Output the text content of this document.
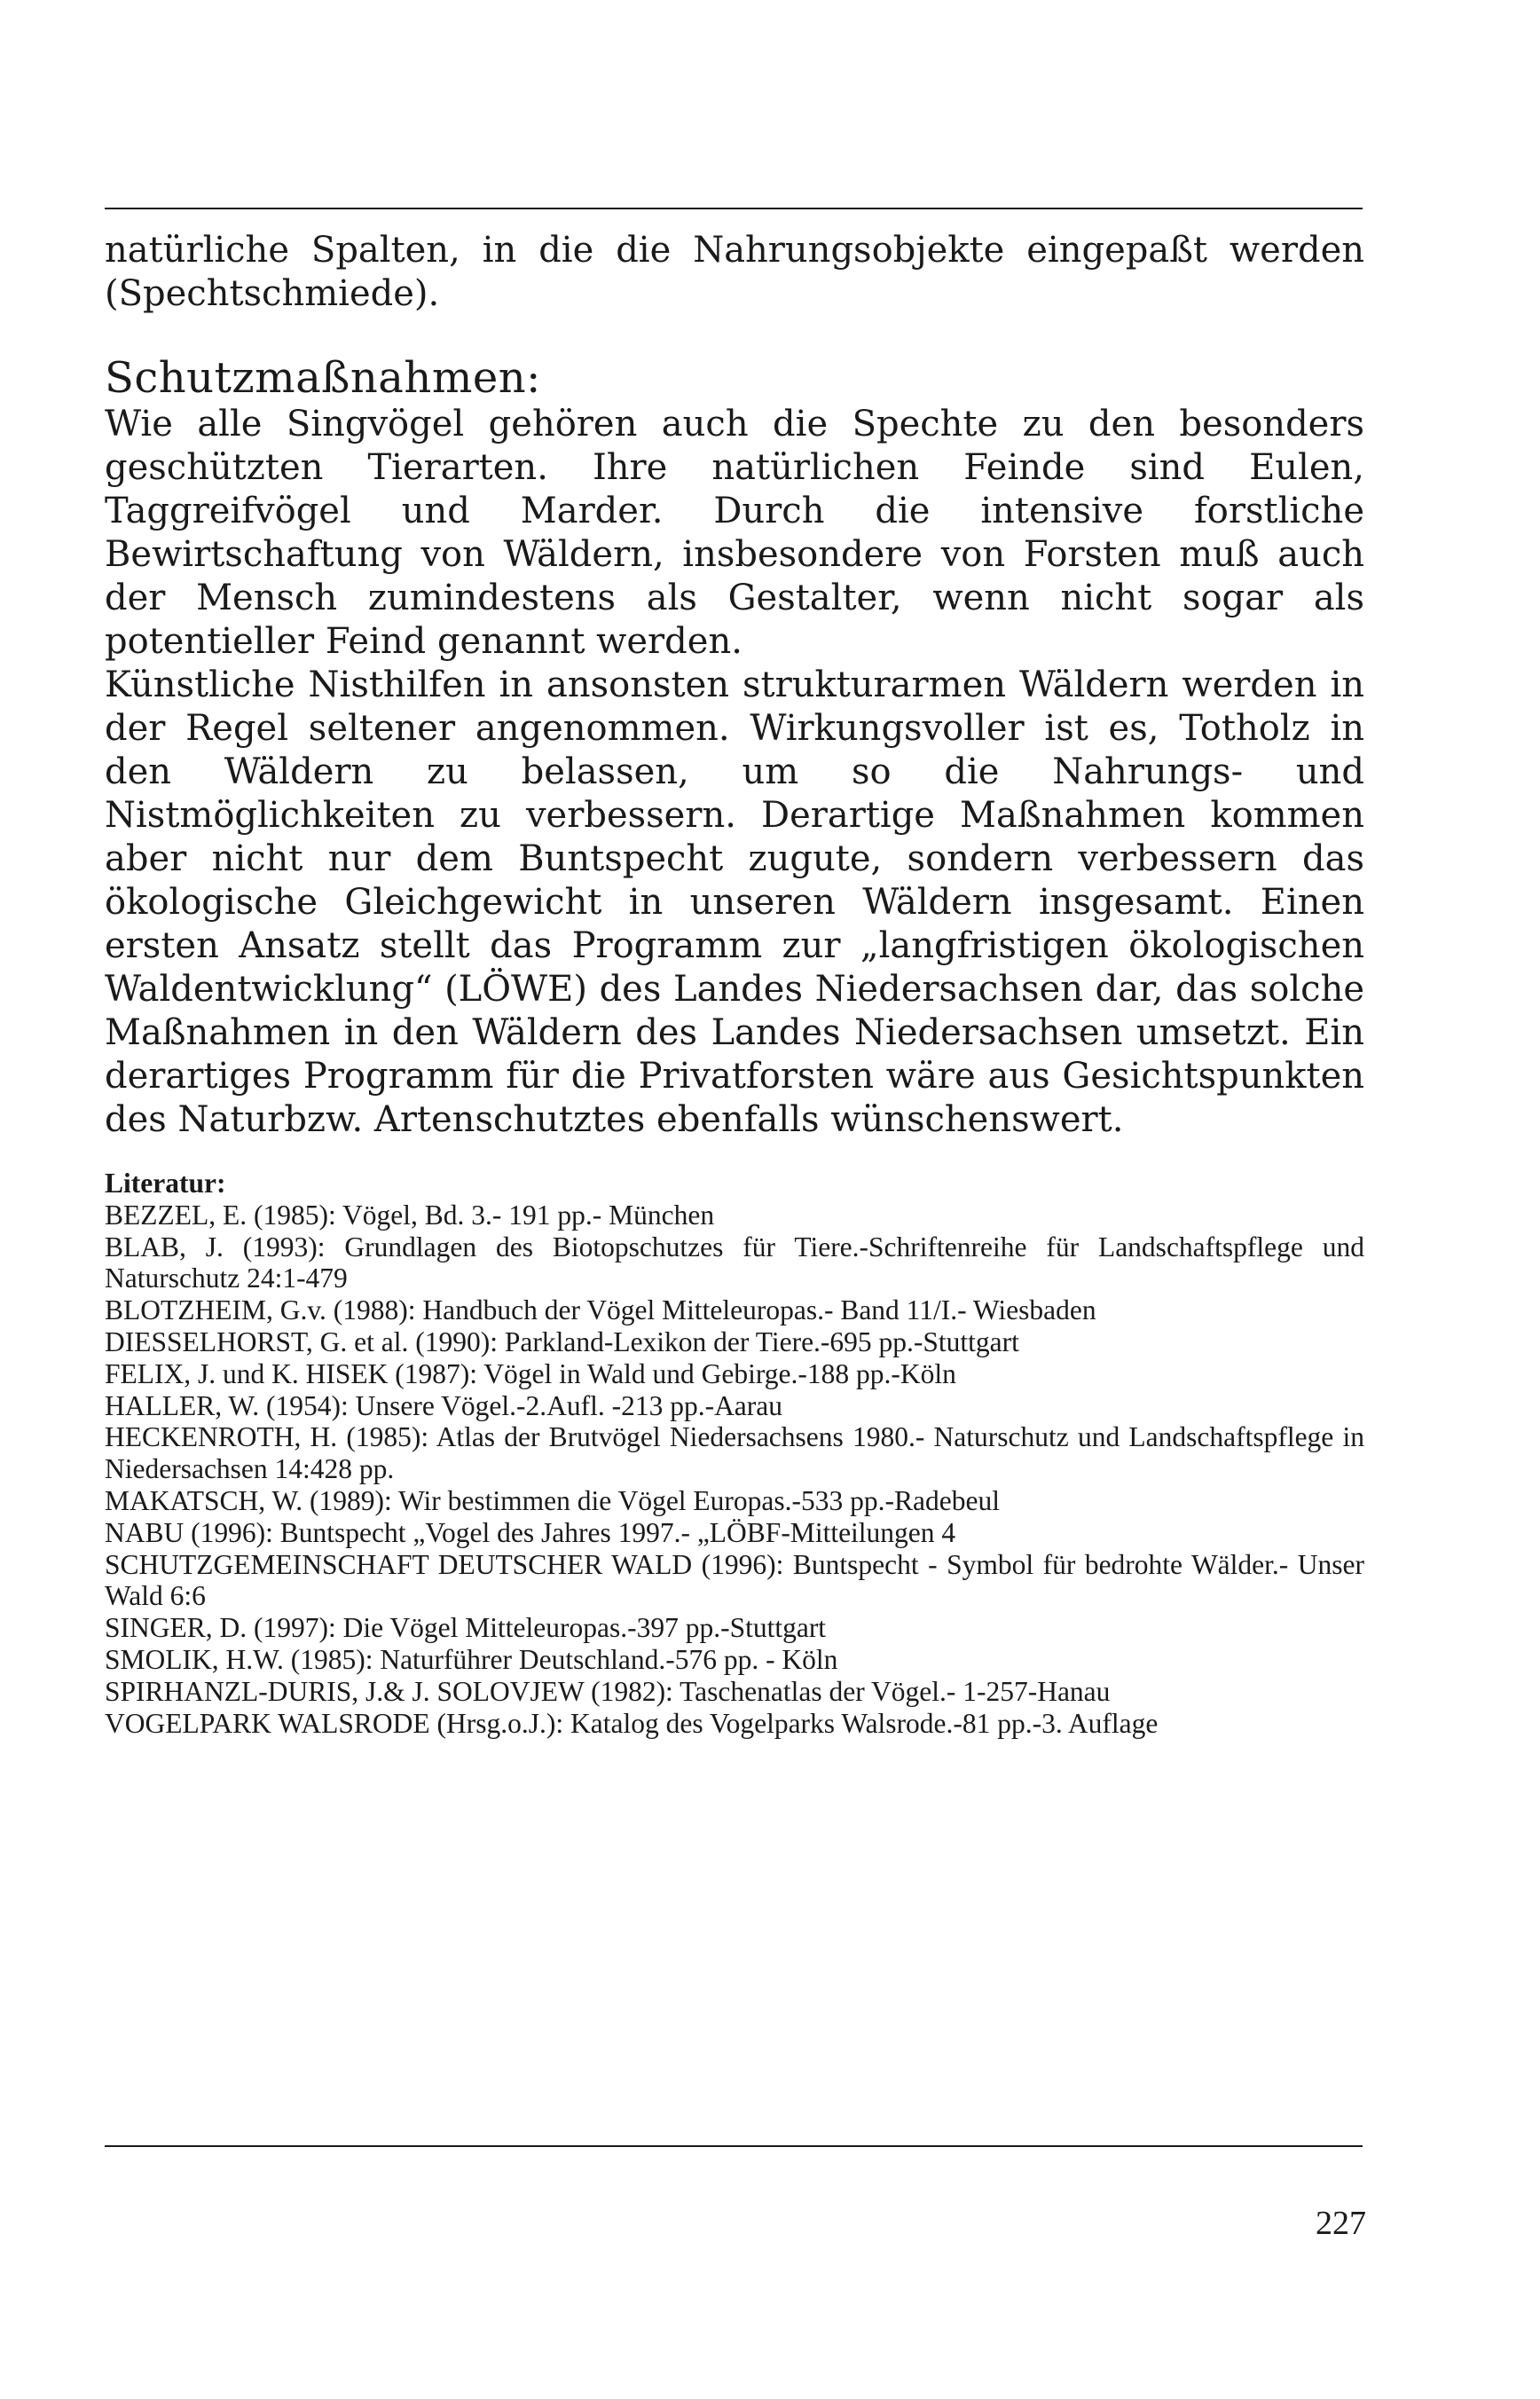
natürliche Spalten, in die die Nahrungsobjekte eingepaßt werden (Spechtschmiede).

Schutzmaßnahmen:

Wie alle Singvögel gehören auch die Spechte zu den besonders geschützten Tierarten. Ihre natürlichen Feinde sind Eulen, Taggreifvögel und Marder. Durch die intensive forstliche Bewirtschaftung von Wäldern, insbesondere von Forsten muß auch der Mensch zumindestens als Gestalter, wenn nicht sogar als potentieller Feind genannt werden.

Künstliche Nisthilfen in ansonsten strukturarmen Wäldern werden in der Regel seltener angenommen. Wirkungsvoller ist es, Totholz in den Wäldern zu belassen, um so die Nahrungs- und Nistmöglichkeiten zu verbessern. Derartige Maßnahmen kommen aber nicht nur dem Buntspecht zugute, sondern verbessern das ökologische Gleichgewicht in unseren Wäldern insgesamt. Einen ersten Ansatz stellt das Programm zur „langfristigen ökologischen Waldentwicklung“ (LÖWE) des Landes Niedersachsen dar, das solche Maßnahmen in den Wäldern des Landes Niedersachsen umsetzt. Ein derartiges Programm für die Privatforsten wäre aus Gesichtspunkten des Naturbzw. Artenschutztes ebenfalls wünschenswert.

Literatur:

BEZZEL, E. (1985): Vögel, Bd. 3.- 191 pp.- München
BLAB, J. (1993): Grundlagen des Biotopschutzes für Tiere.-Schriftenreihe für Landschaftspflege und Naturschutz 24:1-479
BLOTZHEIM, G.v. (1988): Handbuch der Vögel Mitteleuropas.- Band 11/I.- Wiesbaden
DIESSELHORST, G. et al. (1990): Parkland-Lexikon der Tiere.-695 pp.-Stuttgart
FELIX, J. und K. HISEK (1987): Vögel in Wald und Gebirge.-188 pp.-Köln
HALLER, W. (1954): Unsere Vögel.-2.Aufl. -213 pp.-Aarau
HECKENROTH, H. (1985): Atlas der Brutvögel Niedersachsens 1980.- Naturschutz und Landschaftspflege in Niedersachsen 14:428 pp.
MAKATSCH, W. (1989): Wir bestimmen die Vögel Europas.-533 pp.-Radebeul
NABU (1996): Buntspecht „Vogel des Jahres 1997.- „LÖBF-Mitteilungen 4
SCHUTZGEMEINSCHAFT DEUTSCHER WALD (1996): Buntspecht - Symbol für bedrohte Wälder.- Unser Wald 6:6
SINGER, D. (1997): Die Vögel Mitteleuropas.-397 pp.-Stuttgart
SMOLIK, H.W. (1985): Naturführer Deutschland.-576 pp. - Köln
SPIRHANZL-DURIS, J.& J. SOLOVJEW (1982): Taschenatlas der Vögel.- 1-257-Hanau
VOGELPARK WALSRODE (Hrsg.o.J.): Katalog des Vogelparks Walsrode.-81 pp.-3. Auflage
227
